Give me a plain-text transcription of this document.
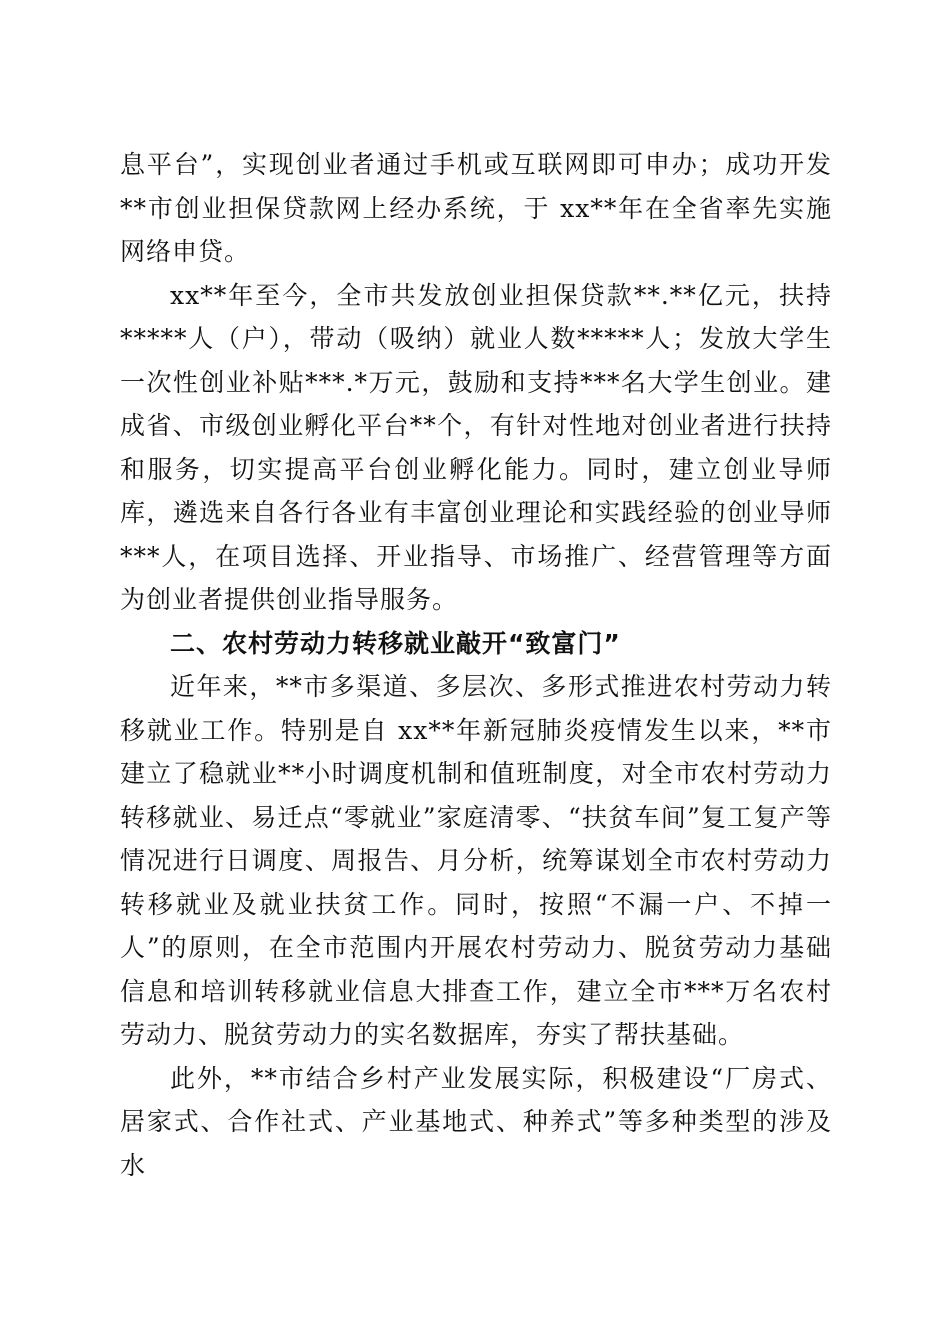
息平台”，实现创业者通过手机或互联网即可申办；成功开发**市创业担保贷款网上经办系统，于 xx**年在全省率先实施网络申贷。

xx**年至今，全市共发放创业担保贷款**.**亿元，扶持*****人（户），带动（吸纳）就业人数*****人；发放大学生一次性创业补贴***.*万元，鼓励和支持***名大学生创业。建成省、市级创业孵化平台**个，有针对性地对创业者进行扶持和服务，切实提高平台创业孵化能力。同时，建立创业导师库，遴选来自各行各业有丰富创业理论和实践经验的创业导师***人，在项目选择、开业指导、市场推广、经营管理等方面为创业者提供创业指导服务。

二、农村劳动力转移就业敲开“致富门”

近年来，**市多渠道、多层次、多形式推进农村劳动力转移就业工作。特别是自 xx**年新冠肺炎疫情发生以来，**市建立了稳就业**小时调度机制和值班制度，对全市农村劳动力转移就业、易迁点“零就业”家庭清零、“扶贫车间”复工复产等情况进行日调度、周报告、月分析，统筹谋划全市农村劳动力转移就业及就业扶贫工作。同时，按照“不漏一户、不掉一人”的原则，在全市范围内开展农村劳动力、脱贫劳动力基础信息和培训转移就业信息大排查工作，建立全市***万名农村劳动力、脱贫劳动力的实名数据库，夯实了帮扶基础。

此外，**市结合乡村产业发展实际，积极建设“厂房式、居家式、合作社式、产业基地式、种养式”等多种类型的涉及水
